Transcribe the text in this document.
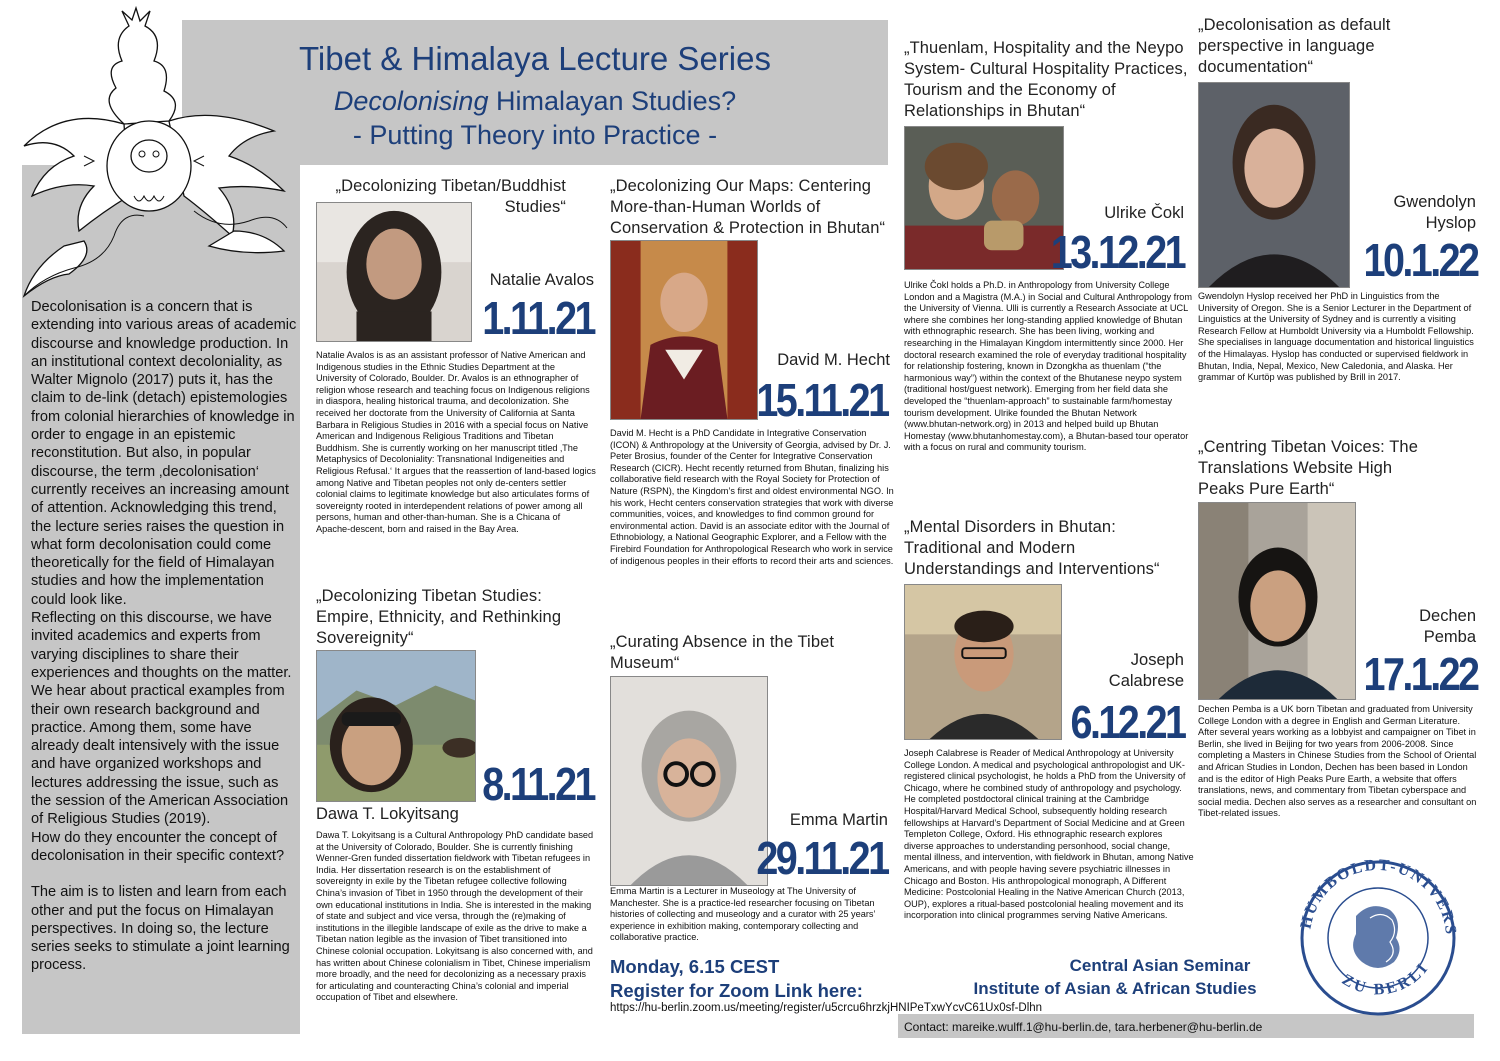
Tibet & Himalaya Lecture Series
Decolonising Himalayan Studies?
- Putting Theory into Practice -

Decolonisation is a concern that is extending into various areas of academic discourse and knowledge production. In an institutional context decoloniality, as Walter Mignolo (2017) puts it, has the claim to de-link (detach) epistemologies from colonial hierarchies of knowledge in order to engage in an epistemic reconstitution. But also, in popular discourse, the term ‚decolonisation‘ currently receives an increasing amount of attention. Acknowledging this trend, the lecture series raises the question in what form decolonisation could come theoretically for the field of Himalayan studies and how the implementation could look like.

Reflecting on this discourse, we have invited academics and experts from varying disciplines to share their experiences and thoughts on the matter. We hear about practical examples from their own research background and practice. Among them, some have already dealt intensively with the issue and have organized workshops and lectures addressing the issue, such as the session of the American Association of Religious Studies (2019).

How do they encounter the concept of decolonisation in their specific context?

The aim is to listen and learn from each other and put the focus on Himalayan perspectives. In doing so, the lecture series seeks to stimulate a joint learning process.

„Decolonizing Tibetan/Buddhist Studies“
Natalie Avalos
1.11.21
Natalie Avalos is as an assistant professor of Native American and Indigenous studies in the Ethnic Studies Department at the University of Colorado, Boulder. Dr. Avalos is an ethnographer of religion whose research and teaching focus on Indigenous religions in diaspora, healing historical trauma, and decolonization. She received her doctorate from the University of California at Santa Barbara in Religious Studies in 2016 with a special focus on Native American and Indigenous Religious Traditions and Tibetan Buddhism. She is currently working on her manuscript titled ‚The Metaphysics of Decoloniality: Transnational Indigeneities and Religious Refusal.‘ It argues that the reassertion of land-based logics among Native and Tibetan peoples not only de-centers settler colonial claims to legitimate knowledge but also articulates forms of sovereignty rooted in interdependent relations of power among all persons, human and other-than-human. She is a Chicana of Apache-descent, born and raised in the Bay Area.
„Decolonizing Tibetan Studies: Empire, Ethnicity, and Rethinking Sovereignity“
Dawa T. Lokyitsang
8.11.21
Dawa T. Lokyitsang is a Cultural Anthropology PhD candidate based at the University of Colorado, Boulder. She is currently finishing Wenner-Gren funded dissertation fieldwork with Tibetan refugees in India. Her dissertation research is on the establishment of sovereignty in exile by the Tibetan refugee collective following China’s invasion of Tibet in 1950 through the development of their own educational institutions in India. She is interested in the making of state and subject and vice versa, through the (re)making of institutions in the illegible landscape of exile as the drive to make a Tibetan nation legible as the invasion of Tibet transitioned into Chinese colonial occupation. Lokyitsang is also concerned with, and has written about Chinese colonialism in Tibet, Chinese imperialism more broadly, and the need for decolonizing as a necessary praxis for articulating and counteracting China’s colonial and imperial occupation of Tibet and elsewhere.
„Decolonizing Our Maps: Centering More-than-Human Worlds of Conservation & Protection in Bhutan“
David M. Hecht
15.11.21
David M. Hecht is a PhD Candidate in Integrative Conservation (ICON) & Anthropology at the University of Georgia, advised by Dr. J. Peter Brosius, founder of the Center for Integrative Conservation Research (CICR). Hecht recently returned from Bhutan, finalizing his collaborative field research with the Royal Society for Protection of Nature (RSPN), the Kingdom’s first and oldest environmental NGO. In his work, Hecht centers conservation strategies that work with diverse communities, voices, and knowledges to find common ground for environmental action. David is an associate editor with the Journal of Ethnobiology, a National Geographic Explorer, and a Fellow with the Firebird Foundation for Anthropological Research who work in service of indigenous peoples in their efforts to record their arts and sciences.
„Curating Absence in the Tibet Museum“
Emma Martin
29.11.21
Emma Martin is a Lecturer in Museology at The University of Manchester. She is a practice-led researcher focusing on Tibetan histories of collecting and museology and a curator with 25 years’ experience in exhibition making, contemporary collecting and collaborative practice.
Monday, 6.15 CEST
Register for Zoom Link here:
https://hu-berlin.zoom.us/meeting/register/u5crcu6hrzkjHNIPeTxwYcvC61Ux0sf-Dlhn
„Thuenlam, Hospitality and the Neypo System- Cultural Hospitality Practices, Tourism and the Economy of Relationships in Bhutan“
Ulrike Čokl
13.12.21
Ulrike Čokl holds a Ph.D. in Anthropology from University College London and a Magistra (M.A.) in Social and Cultural Anthropology from the University of Vienna. Ulli is currently a Research Associate at UCL where she combines her long-standing applied knowledge of Bhutan with ethnographic research. She has been living, working and researching in the Himalayan Kingdom intermittently since 2000. Her doctoral research examined the role of everyday traditional hospitality for relationship fostering, known in Dzongkha as thuenlam (“the harmonious way”) within the context of the Bhutanese neypo system (traditional host/guest network). Emerging from her field data she developed the “thuenlam-approach” to sustainable farm/homestay tourism development. Ulrike founded the Bhutan Network (www.bhutan-network.org) in 2013 and helped build up Bhutan Homestay (www.bhutanhomestay.com), a Bhutan-based tour operator with a focus on rural and community tourism.
„Mental Disorders in Bhutan: Traditional and Modern Understandings and Interventions“
Joseph Calabrese
6.12.21
Joseph Calabrese is Reader of Medical Anthropology at University College London. A medical and psychological anthropologist and UK-registered clinical psychologist, he holds a PhD from the University of Chicago, where he combined study of anthropology and psychology. He completed postdoctoral clinical training at the Cambridge Hospital/Harvard Medical School, subsequently holding research fellowships at Harvard’s Department of Social Medicine and at Green Templeton College, Oxford. His ethnographic research explores diverse approaches to understanding personhood, social change, mental illness, and intervention, with fieldwork in Bhutan, among Native Americans, and with people having severe psychiatric illnesses in Chicago and Boston. His anthropological monograph, A Different Medicine: Postcolonial Healing in the Native American Church (2013, OUP), explores a ritual-based postcolonial healing movement and its incorporation into clinical programmes serving Native Americans.
„Decolonisation as default perspective in language documentation“
Gwendolyn Hyslop
10.1.22
Gwendolyn Hyslop received her PhD in Linguistics from the University of Oregon. She is a Senior Lecturer in the Department of Linguistics at the University of Sydney and is currently a visiting Research Fellow at Humboldt University via a Humboldt Fellowship. She specialises in language documentation and historical linguistics of the Himalayas. Hyslop has conducted or supervised fieldwork in Bhutan, India, Nepal, Mexico, New Caledonia, and Alaska. Her grammar of Kurtöp was published by Brill in 2017.
„Centring Tibetan Voices: The Translations Website High Peaks Pure Earth“
Dechen Pemba
17.1.22
Dechen Pemba is a UK born Tibetan and graduated from University College London with a degree in English and German Literature. After several years working as a lobbyist and campaigner on Tibet in Berlin, she lived in Beijing for two years from 2006-2008. Since completing a Masters in Chinese Studies from the School of Oriental and African Studies in London, Dechen has been based in London and is the editor of High Peaks Pure Earth, a website that offers translations, news, and commentary from Tibetan cyberspace and social media. Dechen also serves as a researcher and consultant on Tibet-related issues.
Central Asian Seminar
Institute of Asian & African Studies
HUMBOLDT-UNIVERS
ZU BERLI
Contact: mareike.wulff.1@hu-berlin.de, tara.herbener@hu-berlin.de
